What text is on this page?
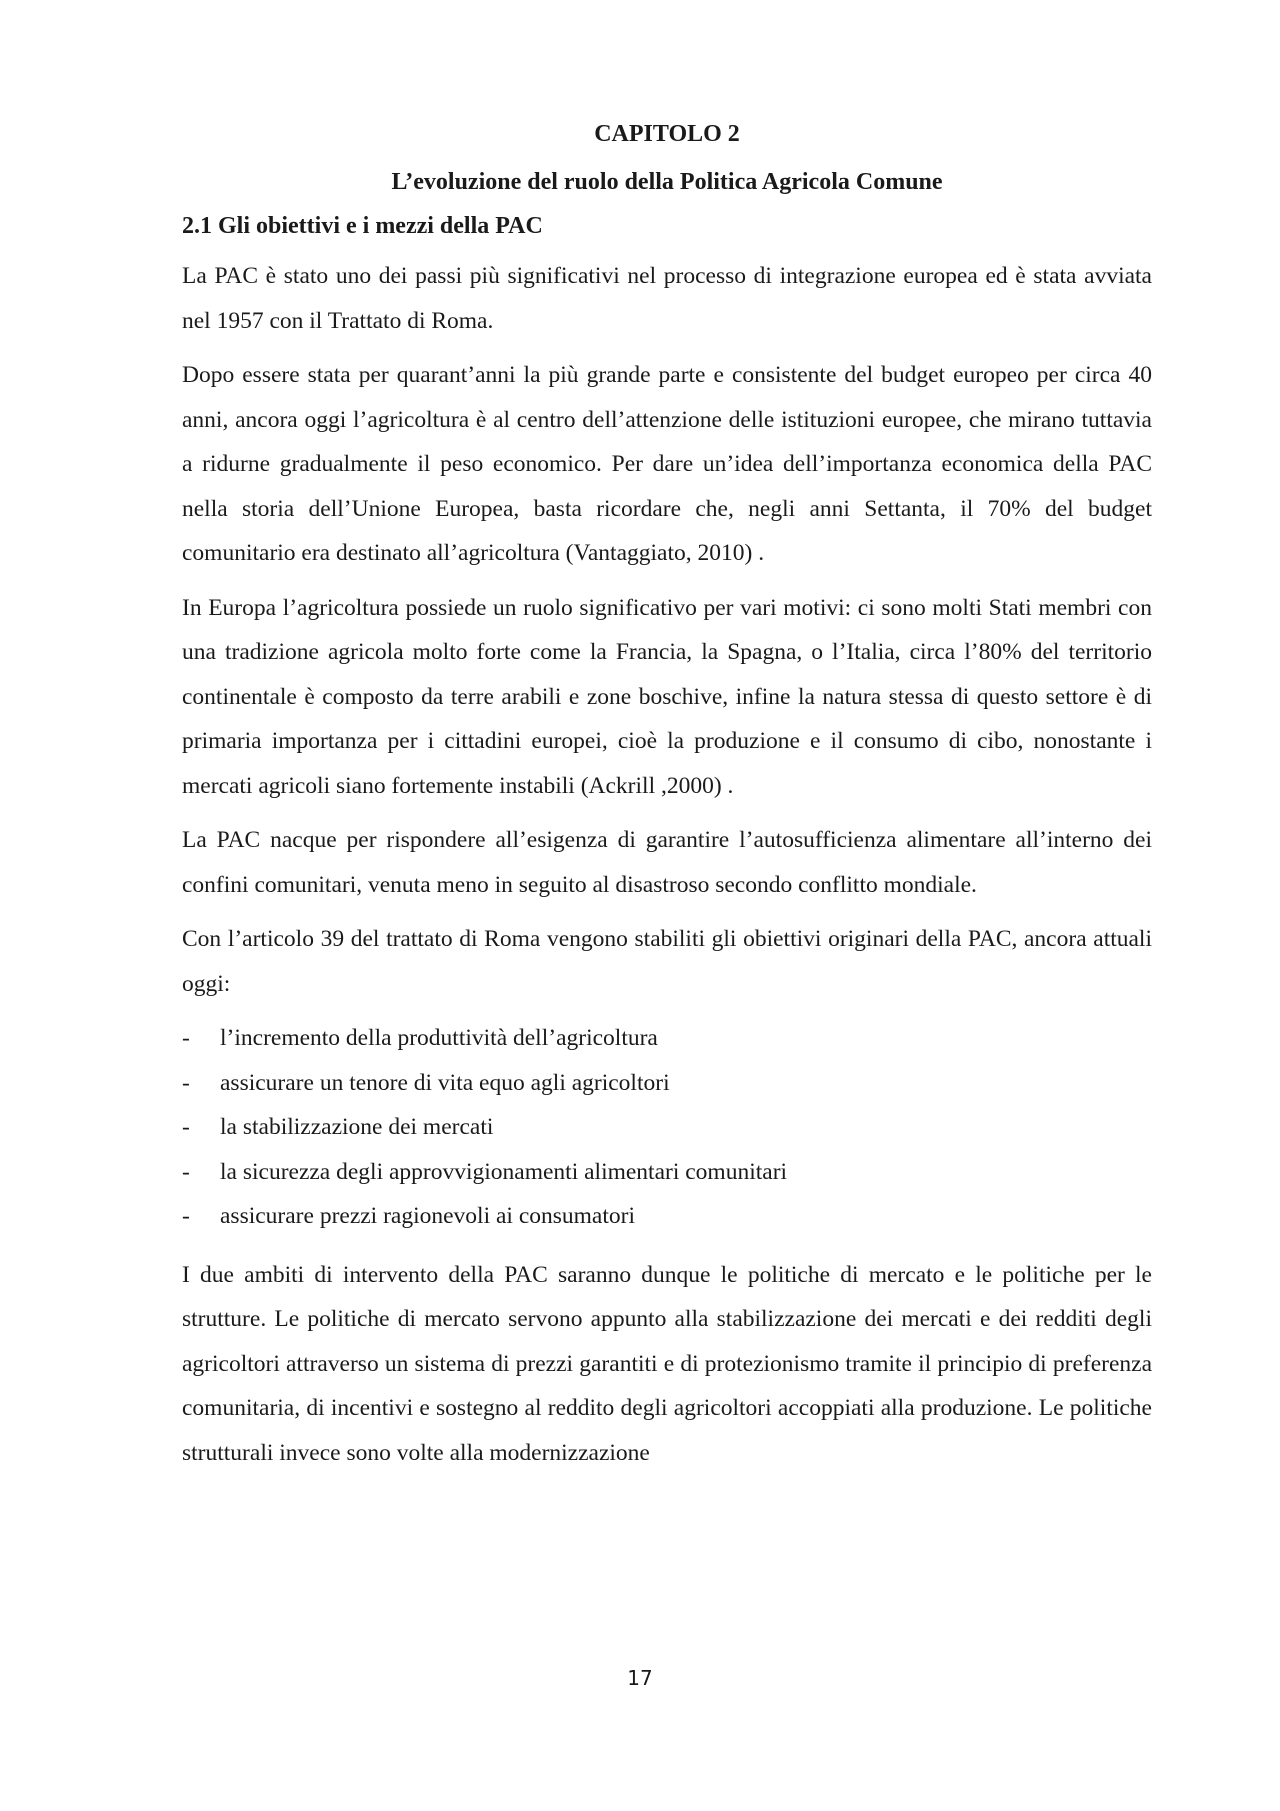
CAPITOLO 2
L’evoluzione del ruolo della Politica Agricola Comune
2.1 Gli obiettivi e i mezzi della PAC

La PAC è stato uno dei passi più significativi nel processo di integrazione europea ed è stata avviata nel 1957 con il Trattato di Roma.

Dopo essere stata per quarant’anni la più grande parte e consistente del budget europeo per circa 40 anni, ancora oggi l’agricoltura è al centro dell’attenzione delle istituzioni europee, che mirano tuttavia a ridurne gradualmente il peso economico. Per dare un’idea dell’importanza economica della PAC nella storia dell’Unione Europea, basta ricordare che, negli anni Settanta, il 70% del budget comunitario era destinato all’agricoltura (Vantaggiato, 2010) .

In Europa l’agricoltura possiede un ruolo significativo per vari motivi: ci sono molti Stati membri con una tradizione agricola molto forte come la Francia, la Spagna, o l’Italia, circa l’80% del territorio continentale è composto da terre arabili e zone boschive, infine la natura stessa di questo settore è di primaria importanza per i cittadini europei, cioè la produzione e il consumo di cibo, nonostante i mercati agricoli siano fortemente instabili (Ackrill ,2000) .

La PAC nacque per rispondere all’esigenza di garantire l’autosufficienza alimentare all’interno dei confini comunitari, venuta meno in seguito al disastroso secondo conflitto mondiale.

Con l’articolo 39 del trattato di Roma vengono stabiliti gli obiettivi originari della PAC, ancora attuali oggi:

-	l’incremento della produttività dell’agricoltura
-	assicurare un tenore di vita equo agli agricoltori
-	la stabilizzazione dei mercati
-	la sicurezza degli approvvigionamenti alimentari comunitari
-	assicurare prezzi ragionevoli ai consumatori

I due ambiti di intervento della PAC saranno dunque le politiche di mercato e le politiche per le strutture. Le politiche di mercato servono appunto alla stabilizzazione dei mercati e dei redditi degli agricoltori attraverso un sistema di prezzi garantiti e di protezionismo tramite il principio di preferenza comunitaria, di incentivi e sostegno al reddito degli agricoltori accoppiati alla produzione. Le politiche strutturali invece sono volte alla modernizzazione

17
